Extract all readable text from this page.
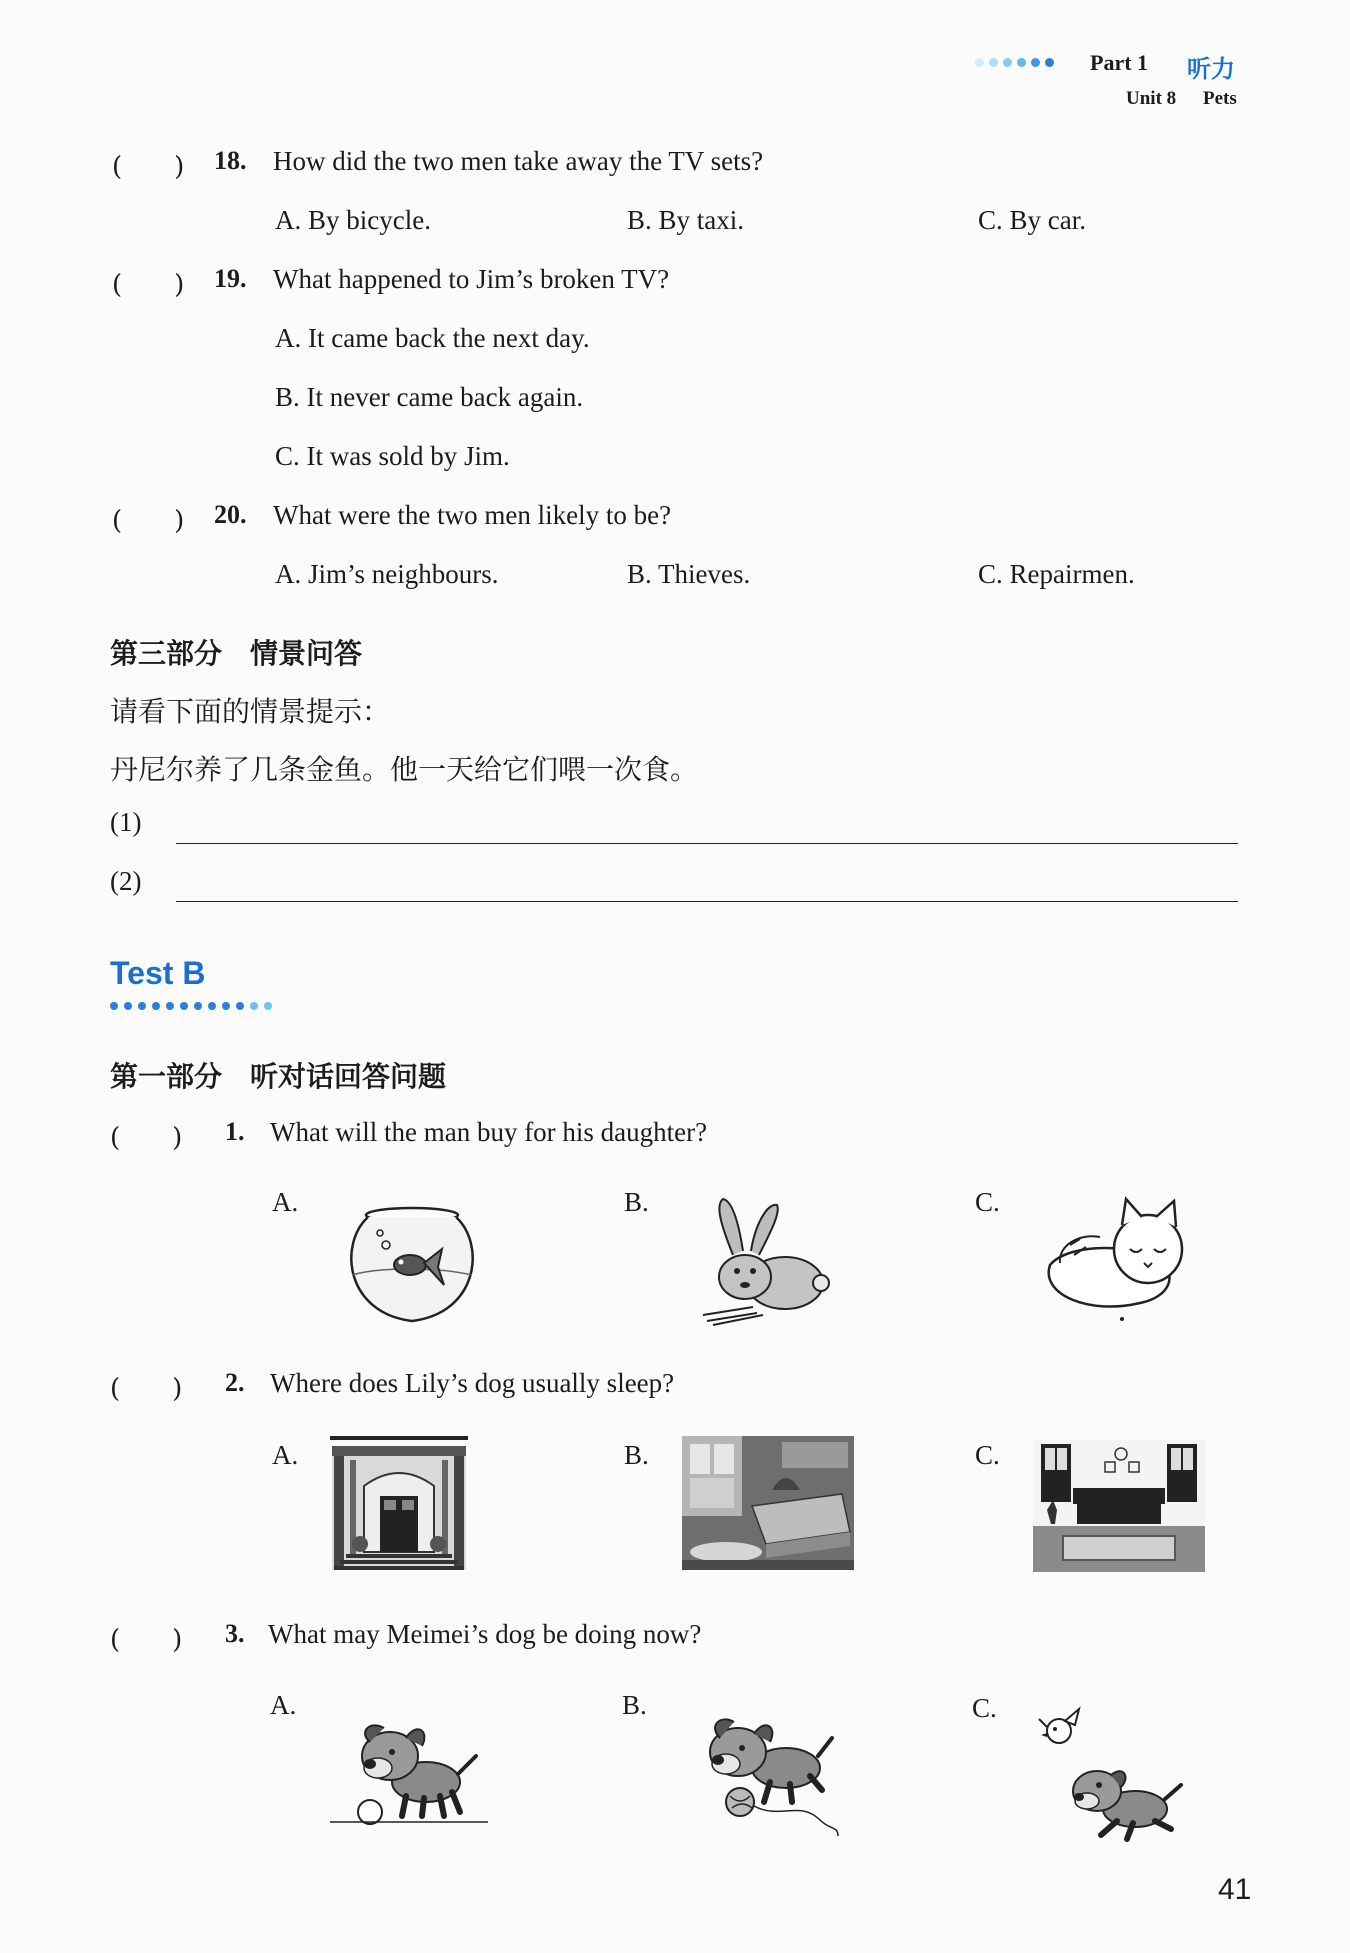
Part 1 听力
Unit 8 Pets
(　　) 18. How did the two men take away the TV sets?
A. By bicycle.	B. By taxi.	C. By car.
(　　) 19. What happened to Jim’s broken TV?
A. It came back the next day.
B. It never came back again.
C. It was sold by Jim.
(　　) 20. What were the two men likely to be?
A. Jim’s neighbours.	B. Thieves.	C. Repairmen.
第三部分　情景问答
请看下面的情景提示：
丹尼尔养了几条金鱼。他一天给它们喂一次食。
(1)
(2)
Test B
第一部分　听对话回答问题
(　　) 1. What will the man buy for his daughter?
A.	B.	C.
(　　) 2. Where does Lily’s dog usually sleep?
A.	B.	C.
(　　) 3. What may Meimei’s dog be doing now?
A.	B.	C.
41
